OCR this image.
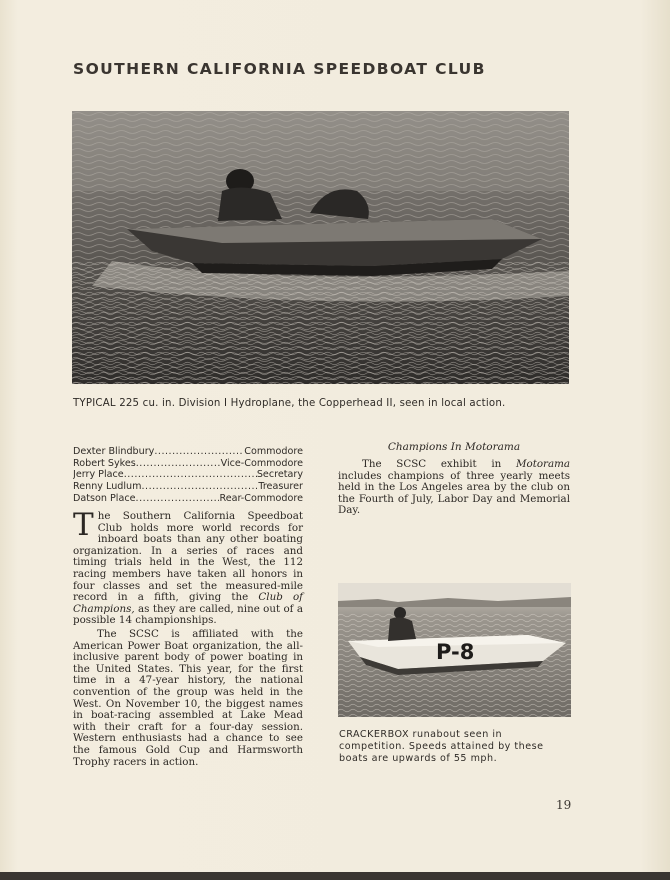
SOUTHERN CALIFORNIA SPEEDBOAT CLUB
TYPICAL 225 cu. in. Division I Hydroplane, the Copperhead II, seen in local action.
Dexter Blindbury .....	Commodore
Robert Sykes .....	Vice-Commodore
Jerry Place .....	Secretary
Renny Ludlum .....	Treasurer
Datson Place .....	Rear-Commodore
The Southern California Speedboat Club holds more world records for inboard boats than any other boating organization. In a series of races and timing trials held in the West, the 112 racing members have taken all honors in four classes and set the measured-mile record in a fifth, giving the Club of Champions, as they are called, nine out of a possible 14 championships.
The SCSC is affiliated with the American Power Boat organization, the all-inclusive parent body of power boating in the United States. This year, for the first time in a 47-year history, the national convention of the group was held in the West. On November 10, the biggest names in boat-racing assembled at Lake Mead with their craft for a four-day session. Western enthusiasts had a chance to see the famous Gold Cup and Harmsworth Trophy racers in action.
Champions In Motorama
The SCSC exhibit in Motorama includes champions of three yearly meets held in the Los Angeles area by the club on the Fourth of July, Labor Day and Memorial Day.
P-8
CRACKERBOX runabout seen in competition. Speeds attained by these boats are upwards of 55 mph.
19
